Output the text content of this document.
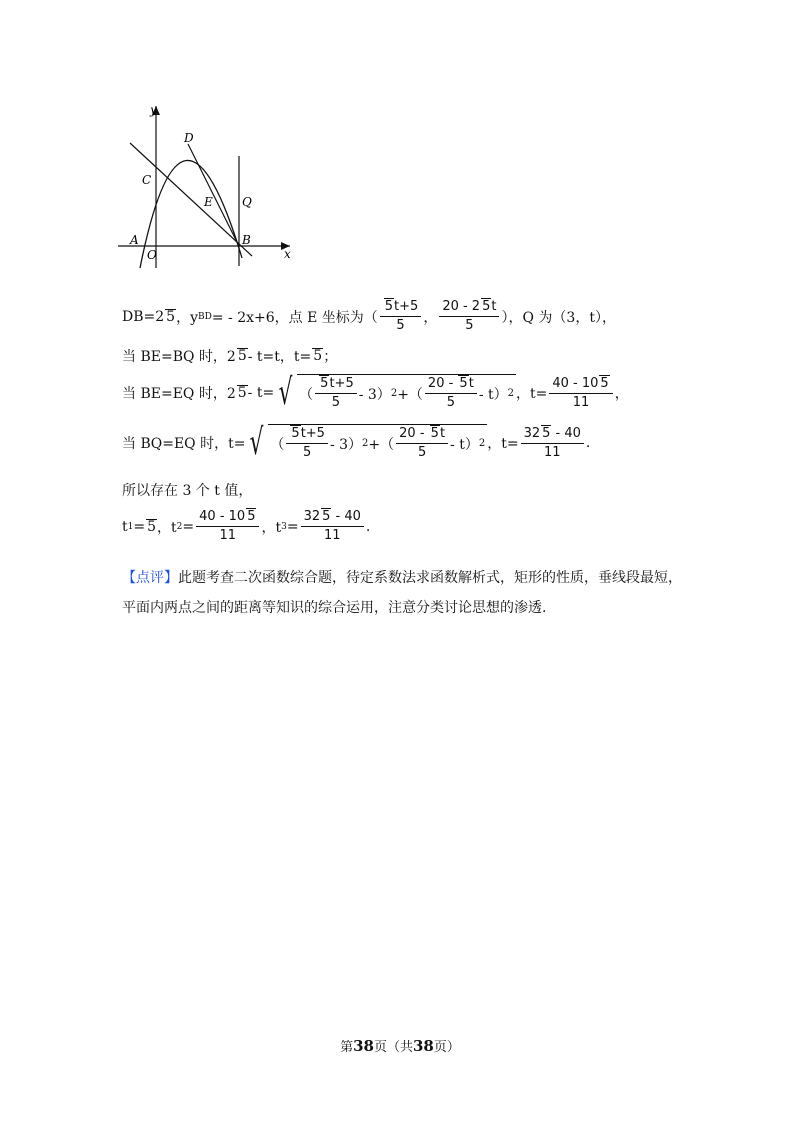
y
x
D
C
E Q
A
O
B
DB=2 5 ，y BD = - 2x+6，点 E 坐标为（ $\frac{5t+5}{5}$ ， $\frac{20 - 2 5t}{5}$ ），Q 为（3，t），
当 BE=BQ 时，2 5 - t=t，t= 5 ；
当 BE=EQ 时，2 5 - t= √ （ $\frac{5t+5}{5} - 3$） 2 +（ $\frac{20 - 5t}{5} - t$） 2 ，$t= \frac{40 - 10 5}{11}$ ，
当 BQ=EQ 时，t= √ （ $\frac{5t+5}{5} - 3$） 2 +（ $\frac{20 - 5t}{5} - t$） 2 ，$t= \frac{32 5 - 40}{11}$ .
所以存在 3 个 t 值，
t 1 = 5 ，t $2 = \frac{40 - 10 5}{11}$ ，t $3 = \frac{32 5 - 40}{11}$ .
【点评】此题考查二次函数综合题，待定系数法求函数解析式，矩形的性质，垂线段最短，平面内两点之间的距离等知识的综合运用，注意分类讨论思想的渗透.
第38页（共38页）
